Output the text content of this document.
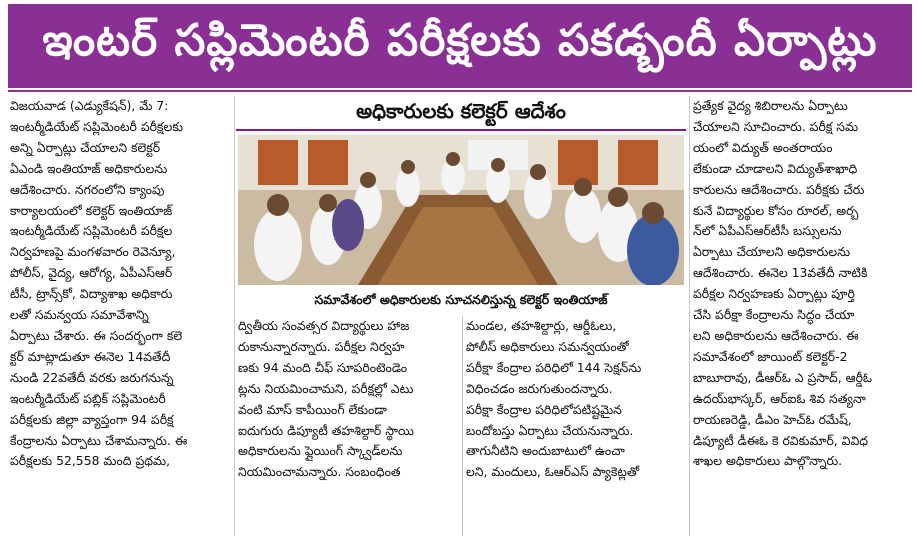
ఇంటర్ సప్లిమెంటరీ పరీక్షలకు పకడ్బందీ ఏర్పాట్లు

విజయవాడ (ఎడ్యుకేషన్), మే 7:

ఇంటర్మీడియేట్ సప్లిమెంటరీ పరీక్షలకు

అన్ని ఏర్పాట్లు చేయాలని కలెక్టర్

ఏఎండి ఇంతియాజ్ అధికారులను

ఆదేశించారు. నగరంలోని క్యాంపు

కార్యాలయంలో కలెక్టర్ ఇంతియాజ్

ఇంటర్మీడియేట్ సప్లిమెంటరీ పరీక్షల

నిర్వహణపై మంగళవారం రెవెన్యూ,

పోలీస్, వైద్య, ఆరోగ్య, ఏపీఎస్ఆర్

టీసీ, ట్రాన్స్‌కో, విద్యాశాఖ అధికారు

లతో సమన్వయ సమావేశాన్ని

ఏర్పాటు చేశారు. ఈ సందర్భంగా కలె

క్టర్ మాట్లాడుతూ ఈనెల 14వతేదీ

నుండి 22వతేదీ వరకు జరుగనున్న

ఇంటర్మీడియేట్ పబ్లిక్ సప్లిమెంటరీ

పరీక్షలకు జిల్లా వ్యాప్తంగా 94 పరీక్ష

కేంద్రాలను ఏర్పాటు చేశామన్నారు. ఈ

పరీక్షలకు 52,558 మంది ప్రథమ,

అధికారులకు కలెక్టర్ ఆదేశం
సమావేశంలో అధికారులకు సూచనలిస్తున్న కలెక్టర్ ఇంతియాజ్

ద్వితీయ సంవత్సర విద్యార్థులు హాజ

రుకానున్నారన్నారు. పరీక్షల నిర్వహ

ణకు 94 మంది చీఫ్ సూపరింటెండెం

ట్లను నియమించామని, పరీక్షల్లో ఎటు

వంటి మాస్ కాపీయింగ్ లేకుండా

ఐదుగురు డిప్యూటీ తహశిల్దార్ స్థాయి

అధికారులను ఫ్లైయింగ్ స్క్వాడ్‌లను

నియమించామన్నారు. సంబంధింత

మండల, తహశిల్దార్లు, ఆర్డీఓలు,

పోలీస్ అధికారులు సమన్వయంతో

పరీక్షా కేంద్రాల పరిధిలో 144 సెక్షన్‌ను

విధించడం జరుగుతుందన్నారు.

పరీక్షా కేంద్రాల పరిధిలోపటిష్టమైన

బందోబస్తు ఏర్పాటు చేయనున్నారు.

తాగునీటిని అందుబాటులో ఉంచా

లని, మందులు, ఓఆర్ఎస్ ప్యాకెట్లతో

ప్రత్యేక వైద్య శిబిరాలను ఏర్పాటు

చేయాలని సూచించారు. పరీక్ష సమ

యంలో విద్యుత్ అంతరాయం

లేకుండా చూడాలని విద్యుత్‌శాఖాధి

కారులను ఆదేశించారు. పరీక్షకు చేరు

కునే విద్యార్థుల కోసం రూరల్, అర్బ

న్‌లో ఏపీఎస్ఆర్‌టీసీ బస్సులను

ఏర్పాటు చేయాలని అధికారులను

ఆదేశించారు. ఈనెల 13వతేదీ నాటికి

పరీక్షల నిర్వహణకు ఏర్పాట్లు పూర్తి

చేసి పరీక్షా కేంద్రాలను సిద్ధం చేయా

లని అధికారులను ఆదేశించారు. ఈ

సమావేశంలో జాయింట్ కలెక్టర్-2

బాబూరావు, డీఆర్ఓ ఎ ప్రసాద్, ఆర్డీఓ

ఉదయ్‌భాస్కర్, ఆర్ఐఓ శివ సత్యనా

రాయణరెడ్డి, డీఎం హెచ్ఓ రమేష్,

డిప్యూటీ డీఈఓ కె రవికుమార్, వివిధ

శాఖల అధికారులు పాల్గొన్నారు.
